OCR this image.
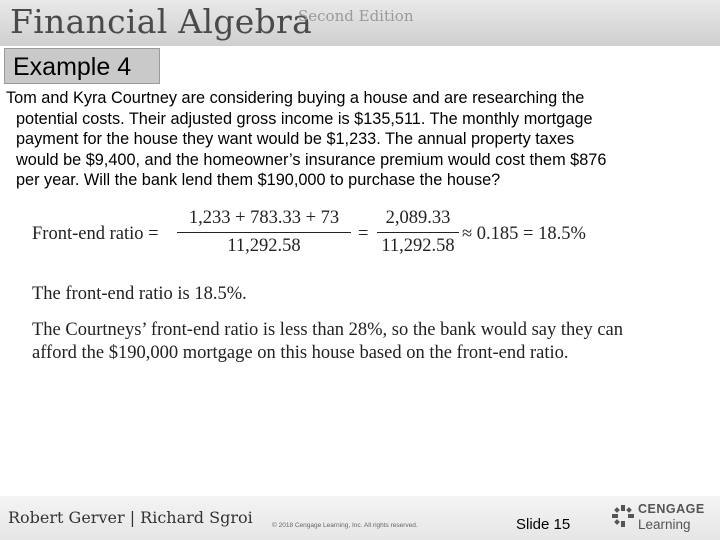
Financial Algebra
Second Edition
Example 4
Tom and Kyra Courtney are considering buying a house and are researching the
potential costs. Their adjusted gross income is $135,511. The monthly mortgage
payment for the house they want would be $1,233. The annual property taxes
would be $9,400, and the homeowner’s insurance premium would cost them $876
per year. Will the bank lend them $190,000 to purchase the house?
Front-end ratio =
1,233 + 783.33 + 73
11,292.58
=
2,089.33
11,292.58
≈ 0.185 = 18.5%
The front-end ratio is 18.5%.
The Courtneys’ front-end ratio is less than 28%, so the bank would say they can
afford the $190,000 mortgage on this house based on the front-end ratio.
Robert Gerver | Richard Sgroi	© 2018 Cengage Learning, Inc. All rights reserved.	Slide 15
CENGAGE
Learning
